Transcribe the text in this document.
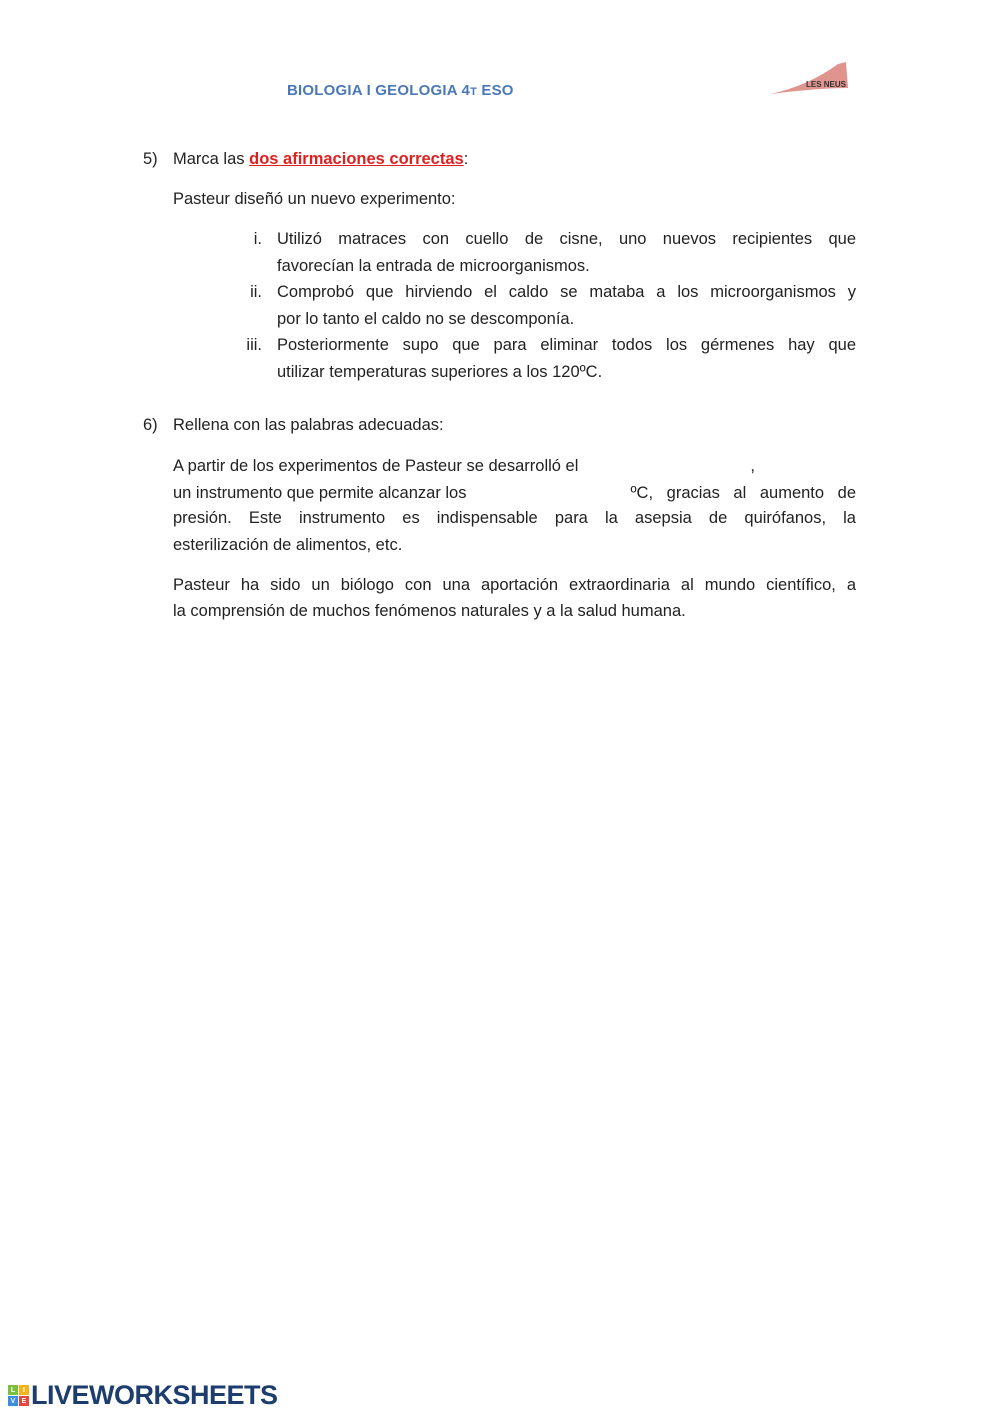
BIOLOGIA I GEOLOGIA 4T ESO	LES NEUS
5) Marca las dos afirmaciones correctas:
Pasteur diseñó un nuevo experimento:
i. Utilizó matraces con cuello de cisne, uno nuevos recipientes que
favorecían la entrada de microorganismos.
ii. Comprobó que hirviendo el caldo se mataba a los microorganismos y
por lo tanto el caldo no se descomponía.
iii. Posteriormente supo que para eliminar todos los gérmenes hay que
utilizar temperaturas superiores a los 120ºC.
6) Rellena con las palabras adecuadas:
A partir de los experimentos de Pasteur se desarrolló el	,
un instrumento que permite alcanzar los	ºC, gracias al aumento de
presión. Este instrumento es indispensable para la asepsia de quirófanos, la
esterilización de alimentos, etc.
Pasteur ha sido un biólogo con una aportación extraordinaria al mundo científico, a
la comprensión de muchos fenómenos naturales y a la salud humana.
L	I
V E LIVEWORKSHEETS
